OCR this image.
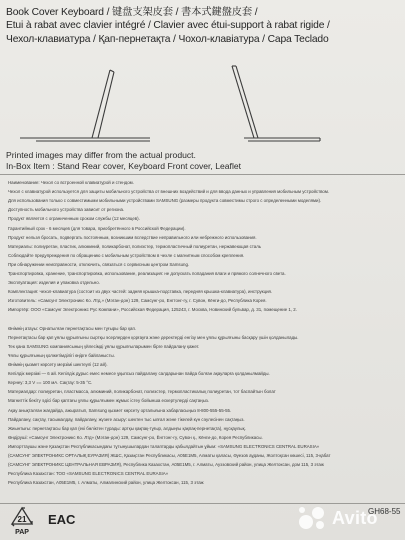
Book Cover Keyboard / 键盘支架皮套 / 書本式鍵盤皮套 /
Etui à rabat avec clavier intégré / Clavier avec étui-support à rabat rigide /
Чехол-клавиатура / Қап-пернетақта / Чохол-клавіатура / Capa Teclado
Printed images may differ from the actual product.
In-Box Item : Stand Rear cover, Keyboard Front cover, Leaflet
Наименование: Чехол со встроенной клавиатурой и стендом.
Чехол с клавиатурой используется для защиты мобильного устройства от внешних воздействий и для ввода данных и управления мобильным устройством.
Для использования только с совместимыми мобильными устройствами SAMSUNG (размеры продукта совместимы строго с определенными моделями).
Доступность мобильного устройства зависит от региона.
Продукт является с ограниченным сроком службы (12 месяцев).
Гарантийный срок - 6 месяцев (для товара, приобретённого в Российской Федерации).
Продукт нельзя бросать, подвергать постоянным, возникшим вследствие неправильного или небрежного использования.
Материалы: полиуретан, пластик, алюминий, поликарбонат, полиэстер, термопластичный полиуретан, нержавеющая сталь
Соблюдайте предупреждения по обращению с мобильным устройством в чехле с магнитным способом крепления.
При обнаружении неисправности, отключить, связаться с сервисным центром Samsung.
Транспортировка, хранение, транспортировка, использование, реализация: не допускать попадания влаги и прямого солнечного света.
Эксплуатация: изделия и упаковка отдельно.
Комплектация: чехол-клавиатура (состоит из двух частей: задняя крышка-подставка, передняя крышка-клавиатура), инструкция.
Изготовитель: «Самсунг Электроникс Ко. Лтд.» (Мэтан-дон) 129, Самсунг-ро, Енгтонг-гу, г. Сувон, Кёнги-до, Республика Корея.
Импортёр: ООО «Самсунг Электроникс Рус Компани», Российская Федерация, 125243, г. Москва, Новинский бульвар, д. 31, помещение 1, 2.
Өнімнің атауы: Орнатылған пернетақтасы мен тұғыры бар қап.
Пернетақтасы бар қап ұялы құрылғыны сыртқы әсерлерден қорғауға және деректерді енгізу мен ұялы құрылғыны басқару үшін қолданылады.
Тек қана SAMSUNG компаниясының үйлесімді ұялы құрылғыларымен бірге пайдалану қажет.
Ұялы құрылғының қолжетімділігі өңірге байланысты.
Өнімнің қызмет көрсету мерзімі шектеулі (12 ай).
Кепілдік мерзімі — 6 ай. Кепілдік дұрыс емес немесе ұқыпсыз пайдалану салдарынан пайда болған ақауларға қолданылмайды.
Кернеу: 3,3 V == 100 мА. Сақтау: 5-35 °C.
Материалдар: полиуретан, пластмасса, алюминий, поликарбонат, полиэстер, термопластикалық полиуретан, тот баспайтын болат
Магниттік бекіту әдісі бар қаптағы ұялы құрылғымен жұмыс істеу бойынша ескертулерді сақтаңыз.
Ақау анықталған жағдайда, ажыратып, Samsung қызмет көрсету орталығына хабарласыңыз 8-800-555-55-55.
Пайдалану, сақтау, тасымалдау, пайдалану, жүзеге асыру: шектен тыс ылғал және тікелей күн сәулесінен сақтаңыз.
Жиынтығы: пернетақтасы бар қап (екі бөліктен тұрады: артқы қақпақ-тұғыр, алдыңғы қақпақ-пернетақта), нұсқаулық.
Өндіруші: «Самсунг Электроникс Ко. Лтд» (Мэтан-дон) 129, Самсунг-ро, Ёнгтонг-гу, Сувон қ., Кёнги-до, Корея Республикасы.
Импорттаушы және Қазақстан Республикасындағы тұтынушылардан талаптарды қабылдайтын ұйым: «SAMSUNG ELECTRONICS CENTRAL EURASIA»
(САМСУНГ ЭЛЕКТРОНИКС ОРТАЛЫҚ ЕУРАЗИЯ) ЖШС, Қазақстан Республикасы, A05E1M5, Алматы қаласы, Әуезов ауданы, Жолтоқсан көшесі, 115, 3-қабат
(САМСУНГ ЭЛЕКТРОНИКС ЦЕНТРАЛЬНАЯ ЕВРАЗИЯ), Республика Казахстан, A05E1M5, г. Алматы, Ауэзовский район, улица Желтоксан, дом 115, 3 этаж
Республика Казахстан: ТОО «SAMSUNG ELECTRONICS CENTRAL EURASIA»
Республика Казахстан, A05E1M5, г. Алматы, Алмалинский район, улица Желтоксан, 115, 3 этаж
21
PAP
EAC
GH68-55
Avito
